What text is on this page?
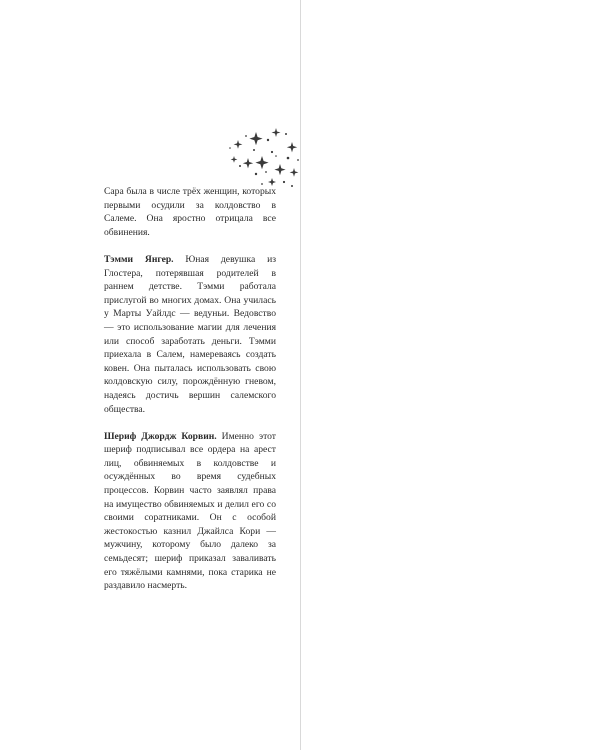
Сара была в числе трёх женщин, которых первыми осудили за колдовство в Салеме. Она яростно отрицала все обвинения.

Тэмми Янгер. Юная девушка из Глостера, потерявшая родителей в раннем детстве. Тэмми работала прислугой во многих домах. Она училась у Марты Уайлдс — ведуньи. Ведовство — это использование магии для лечения или способ заработать деньги. Тэмми приехала в Салем, намереваясь создать ковен. Она пыталась использовать свою колдовскую силу, порождённую гневом, надеясь достичь вершин салемского общества.

Шериф Джордж Корвин. Именно этот шериф подписывал все ордера на арест лиц, обвиняемых в колдовстве и осуждённых во время судебных процессов. Корвин часто заявлял права на имущество обвиняемых и делил его со своими соратниками. Он с особой жестокостью казнил Джайлса Кори — мужчину, которому было далеко за семьдесят; шериф приказал заваливать его тяжёлыми камнями, пока старика не раздавило насмерть.
